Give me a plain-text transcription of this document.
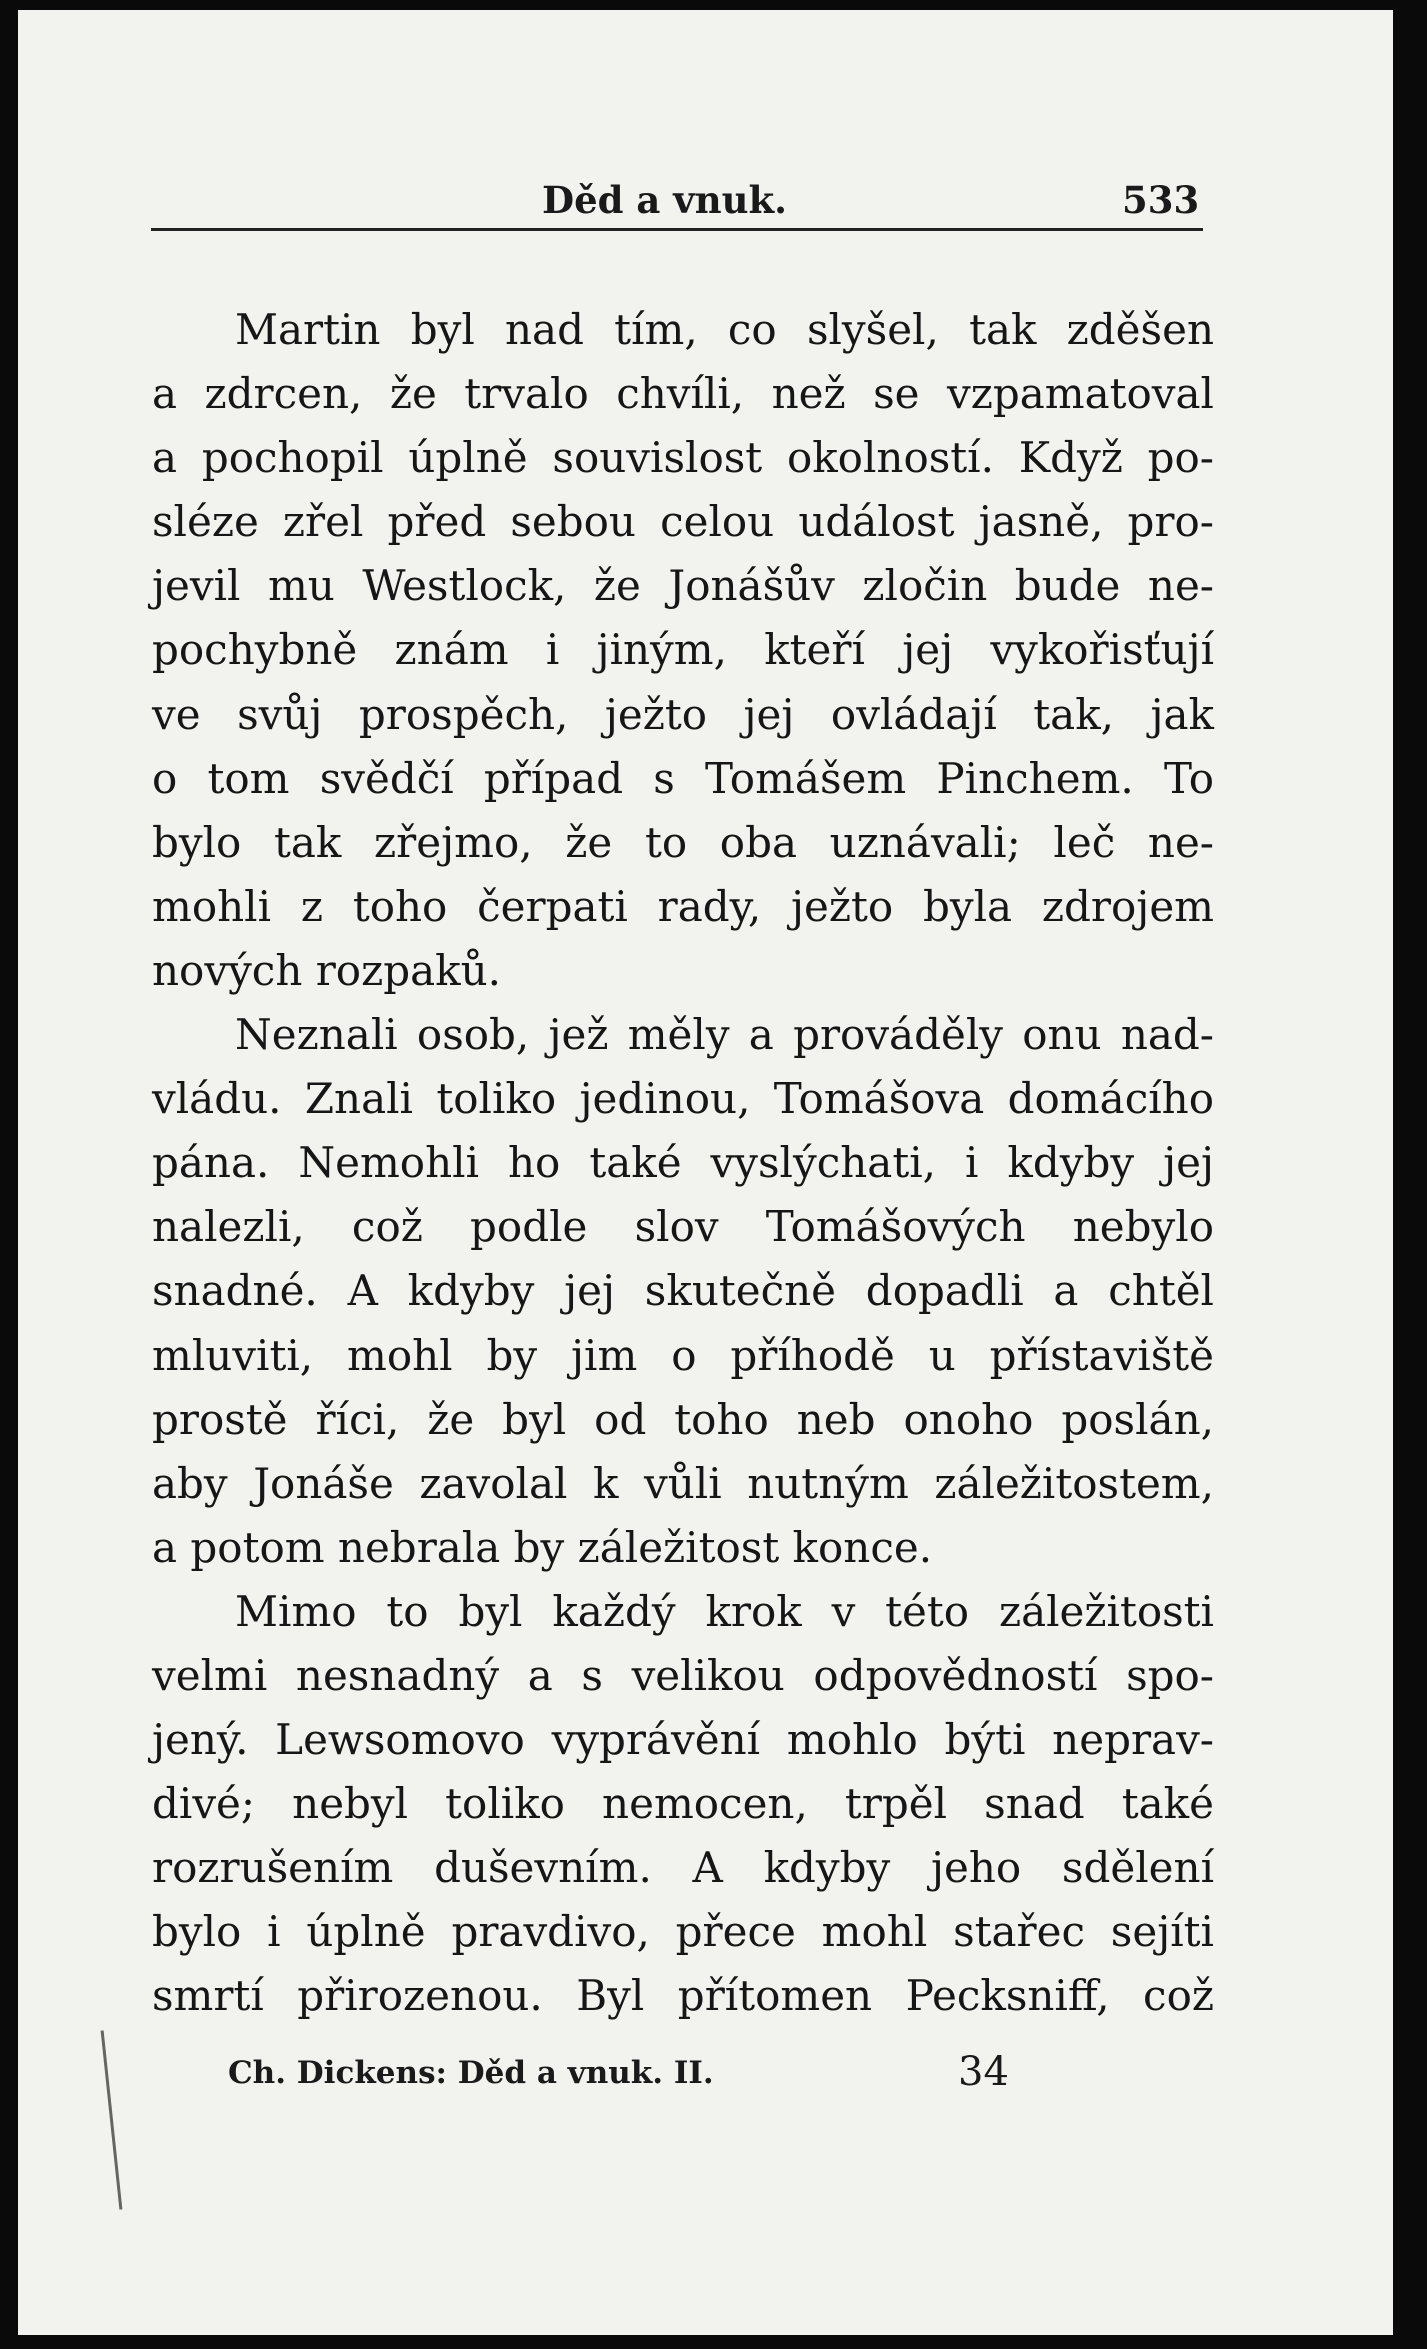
Děd a vnuk.	533
Martin byl nad tím, co slyšel, tak zděšen
a zdrcen, že trvalo chvíli, než se vzpamatoval
a pochopil úplně souvislost okolností. Když po-
sléze zřel před sebou celou událost jasně, pro-
jevil mu Westlock, že Jonášův zločin bude ne-
pochybně znám i jiným, kteří jej vykořisťují
ve svůj prospěch, ježto jej ovládají tak, jak
o tom svědčí případ s Tomášem Pinchem. To
bylo tak zřejmo, že to oba uznávali; leč ne-
mohli z toho čerpati rady, ježto byla zdrojem
nových rozpaků.
Neznali osob, jež měly a prováděly onu nad-
vládu. Znali toliko jedinou, Tomášova domácího
pána. Nemohli ho také vyslýchati, i kdyby jej
nalezli, což podle slov Tomášových nebylo
snadné. A kdyby jej skutečně dopadli a chtěl
mluviti, mohl by jim o příhodě u přístaviště
prostě říci, že byl od toho neb onoho poslán,
aby Jonáše zavolal k vůli nutným záležitostem,
a potom nebrala by záležitost konce.
Mimo to byl každý krok v této záležitosti
velmi nesnadný a s velikou odpovědností spo-
jený. Lewsomovo vyprávění mohlo býti neprav-
divé; nebyl toliko nemocen, trpěl snad také
rozrušením duševním. A kdyby jeho sdělení
bylo i úplně pravdivo, přece mohl stařec sejíti
smrtí přirozenou. Byl přítomen Pecksniff, což
Ch. Dickens: Děd a vnuk. II.	34
